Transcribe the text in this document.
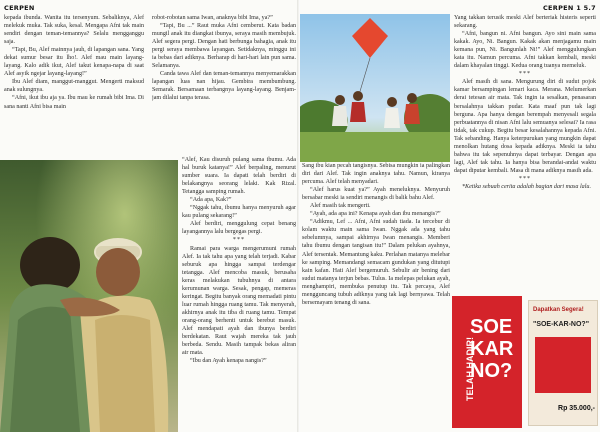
CERPEN

kepada ibunda. Wanita itu tersenyum. Sebaliknya, Alef melekuk muka. Tak suka, kesal. Mengapa Afni tak main sendiri dengan teman-temannya? Selalu mengganggu saja.

“Tapi, Bu, Alef mainnya jauh, di lapangan sana. Yang dekat sumur besar itu lho!. Alef mau main layang-layang. Kalo adik ikut, Alef takut kenapa-napa di saat Alef asyik ngejar layang-layang!”

Ibu Alef diam, manggut-manggut. Mengerti maksud anak sulungnya.

“Afni, ikut ibu aja ya. Ibu mau ke rumah bibi Ima. Di sana nanti Afni bisa main

robot-robotan sama Iwan, anaknya bibi Ima, ya?”

“Tapi, Bu ...” Raut muka Afni cemberut. Kata badan mungil anak itu diangkat ibunya, seraya masih membujuk. Alef segera pergi. Dengan hati berbunga bahagia, anak itu pergi seraya membawa layangan. Setidaknya, minggu ini ia bebas dari adiknya. Berharap di hari-hari lain pun sama. Selamanya.

Canda tawa Alef dan teman-temannya menyemarakkan lapangan luas nan hijau. Gembira membumbung. Semarak. Bersamaan terbangnya layang-layang. Benjam-jam dilalui tanpa terasa.

“Alef, Kau disuruh pulang sama ibumu. Ada hal buruk katanya!” Alef berpaling, menurut sumber suara. Ia dapati telah berdiri di belakangnya seorang lelaki. Kak Rizal. Tetangga samping rumah.

“Ada apa, Kak?”

“Nggak tahu, ibumu hanya menyuruh agar kau pulang sekarang!”

Alef berdiri, menggulung cepat benang layangannya lalu bergegas pergi.

***

Ramai para warga mengerumuni rumah Alef. Ia tak tahu apa yang telah terjadi. Kabar seburuk apa hingga sampai terdengar tetangga. Alef mencoba masuk, berusaha keras melakukan tubuhnya di antara kerumunan warga. Sesak, pengap, memeras keringat. Begitu banyak orang memadati pintu luar rumah hingga ruang tamu. Tak menyerah, akhirnya anak itu tiba di ruang tamu. Tempat orang-orang berhenti untuk berebut masuk. Alef mendapati ayah dan ibunya berdiri berdekatan. Raut wajah mereka tak jauh berbeda. Sendu. Masih tampak bekas aliran air mata.

“Ibu dan Ayah kenapa nangis?”

CERPEN 1 5.7

Sang ibu kian pecah tangisnya. Sebisa mungkin ia palingkan diri dari Alef. Tak ingin anaknya tahu. Namun, kiranya percuma. Alef telah menyadari.

“Alef harus kuat ya?” Ayah meneluknya. Menyuruh bersabar meski ia sendiri menangis di balik bahu Alef.

Alef masih tak mengerti.

“Ayah, ada apa ini? Kenapa ayah dan ibu menangis?”

“Adikmu, Lef ... Afni, Afni sudah tiada. Ia tercebur di kolam waktu main sama Iwan. Nggak ada yang tahu sebelumnya, sampai akhirnya Iwan menangis. Memberi tahu ibumu dengan tangisan itu!” Dalam pelukan ayahnya, Alef tersentak. Memantung kaku. Perlahan matanya melebar ke samping. Memandangi semacam gundukan yang ditutupi kain kafan. Hati Alef bergemuruh. Sebulir air bening dari sudut matanya terjun bebas. Tulus. Ia melepas pelukan ayah, menghampiri, membuka penutup itu. Tak percaya, Alef mengguncang tubuh adiknya yang tak lagi bernyawa. Telah bersemayam tenang di sana.

Yang takkan terusik meski Alef berteriak histeris seperti sekarang.

“Afni, bangun ni. Afni bangun. Ayo sini main sama kakak. Ayo, Ni. Bangun. Kakak akan menjagamu main kemana pun, Ni. Bangunlah Ni!” Alef menggulungkan kata itu. Namun percuma. Afni takkan kembali, meski dalam khayalan tinggi. Kedua orang tuanya memeluk.

***

Alef masih di sana. Mengurung diri di sudut pojok kamar bersampingan lemari kaca. Merana. Melumerkan derai tetesan air mata. Tak ingin ia sesalkan, penasaran bersalahnya takkan pudar. Kata maaf pun tak lagi berguna. Apa hanya dengan berempah menyesali segala perbuatannya di nisan Afni lalu semuanya selesai? Ia rasa tidak, tak cukup. Begitu besar kesalahannya kepada Afni. Tak sebanding. Hanya keterpurukan yang mungkin dapat menolkan hutang dosa kepada adiknya. Meski ia tahu bahwa itu tak sepenuhnya dapat terbayar. Dengan apa lagi, Alef tak tahu. Ia hanya bisa berandai-andai waktu dapat diputar kembali. Masa di mana adiknya masih ada.

***

*Ketika sebuah cerita adalah bagian dari masa lalu.

TELAH HADIR!
SOE KAR NO?
Dapatkan Segera!
"SOE-KAR-NO?"
Rp 35.000,-
